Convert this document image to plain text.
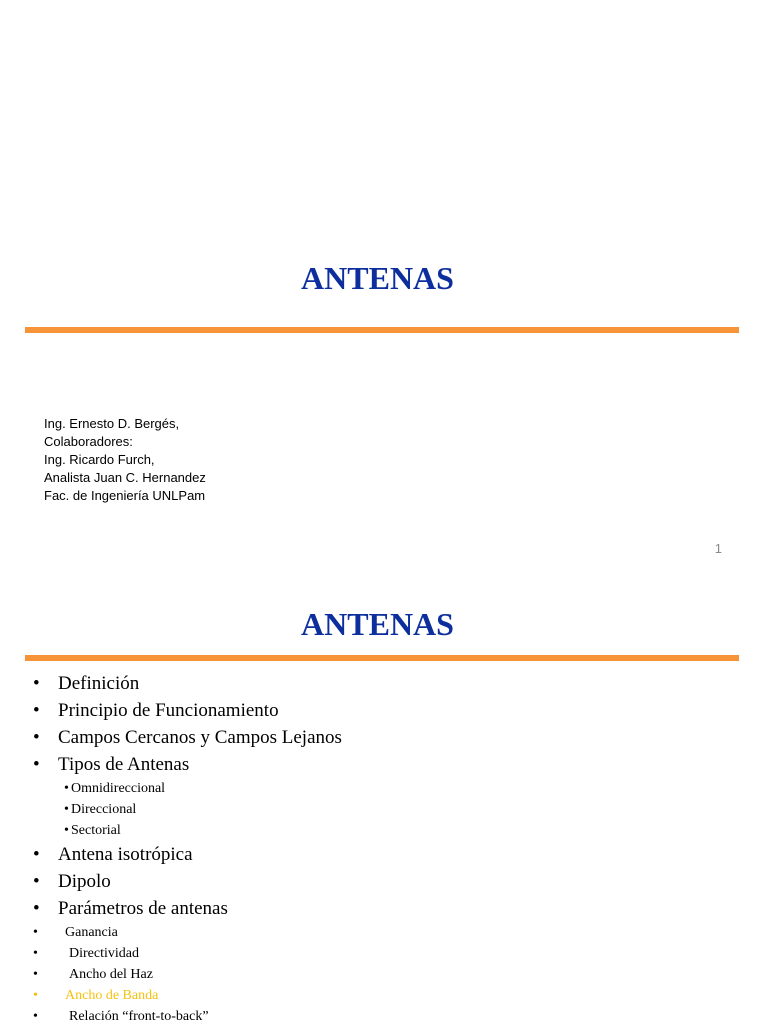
ANTENAS
Ing. Ernesto D. Bergés,
Colaboradores:
Ing. Ricardo Furch,
Analista Juan C. Hernandez
Fac. de Ingeniería UNLPam
1
ANTENAS
• Definición
• Principio de Funcionamiento
• Campos Cercanos y Campos Lejanos
• Tipos de Antenas
• Omnidireccional
• Direccional
• Sectorial
• Antena isotrópica
• Dipolo
• Parámetros de antenas
• Ganancia
• Directividad
• Ancho del Haz
• Ancho de Banda
• Relación “front-to-back”
